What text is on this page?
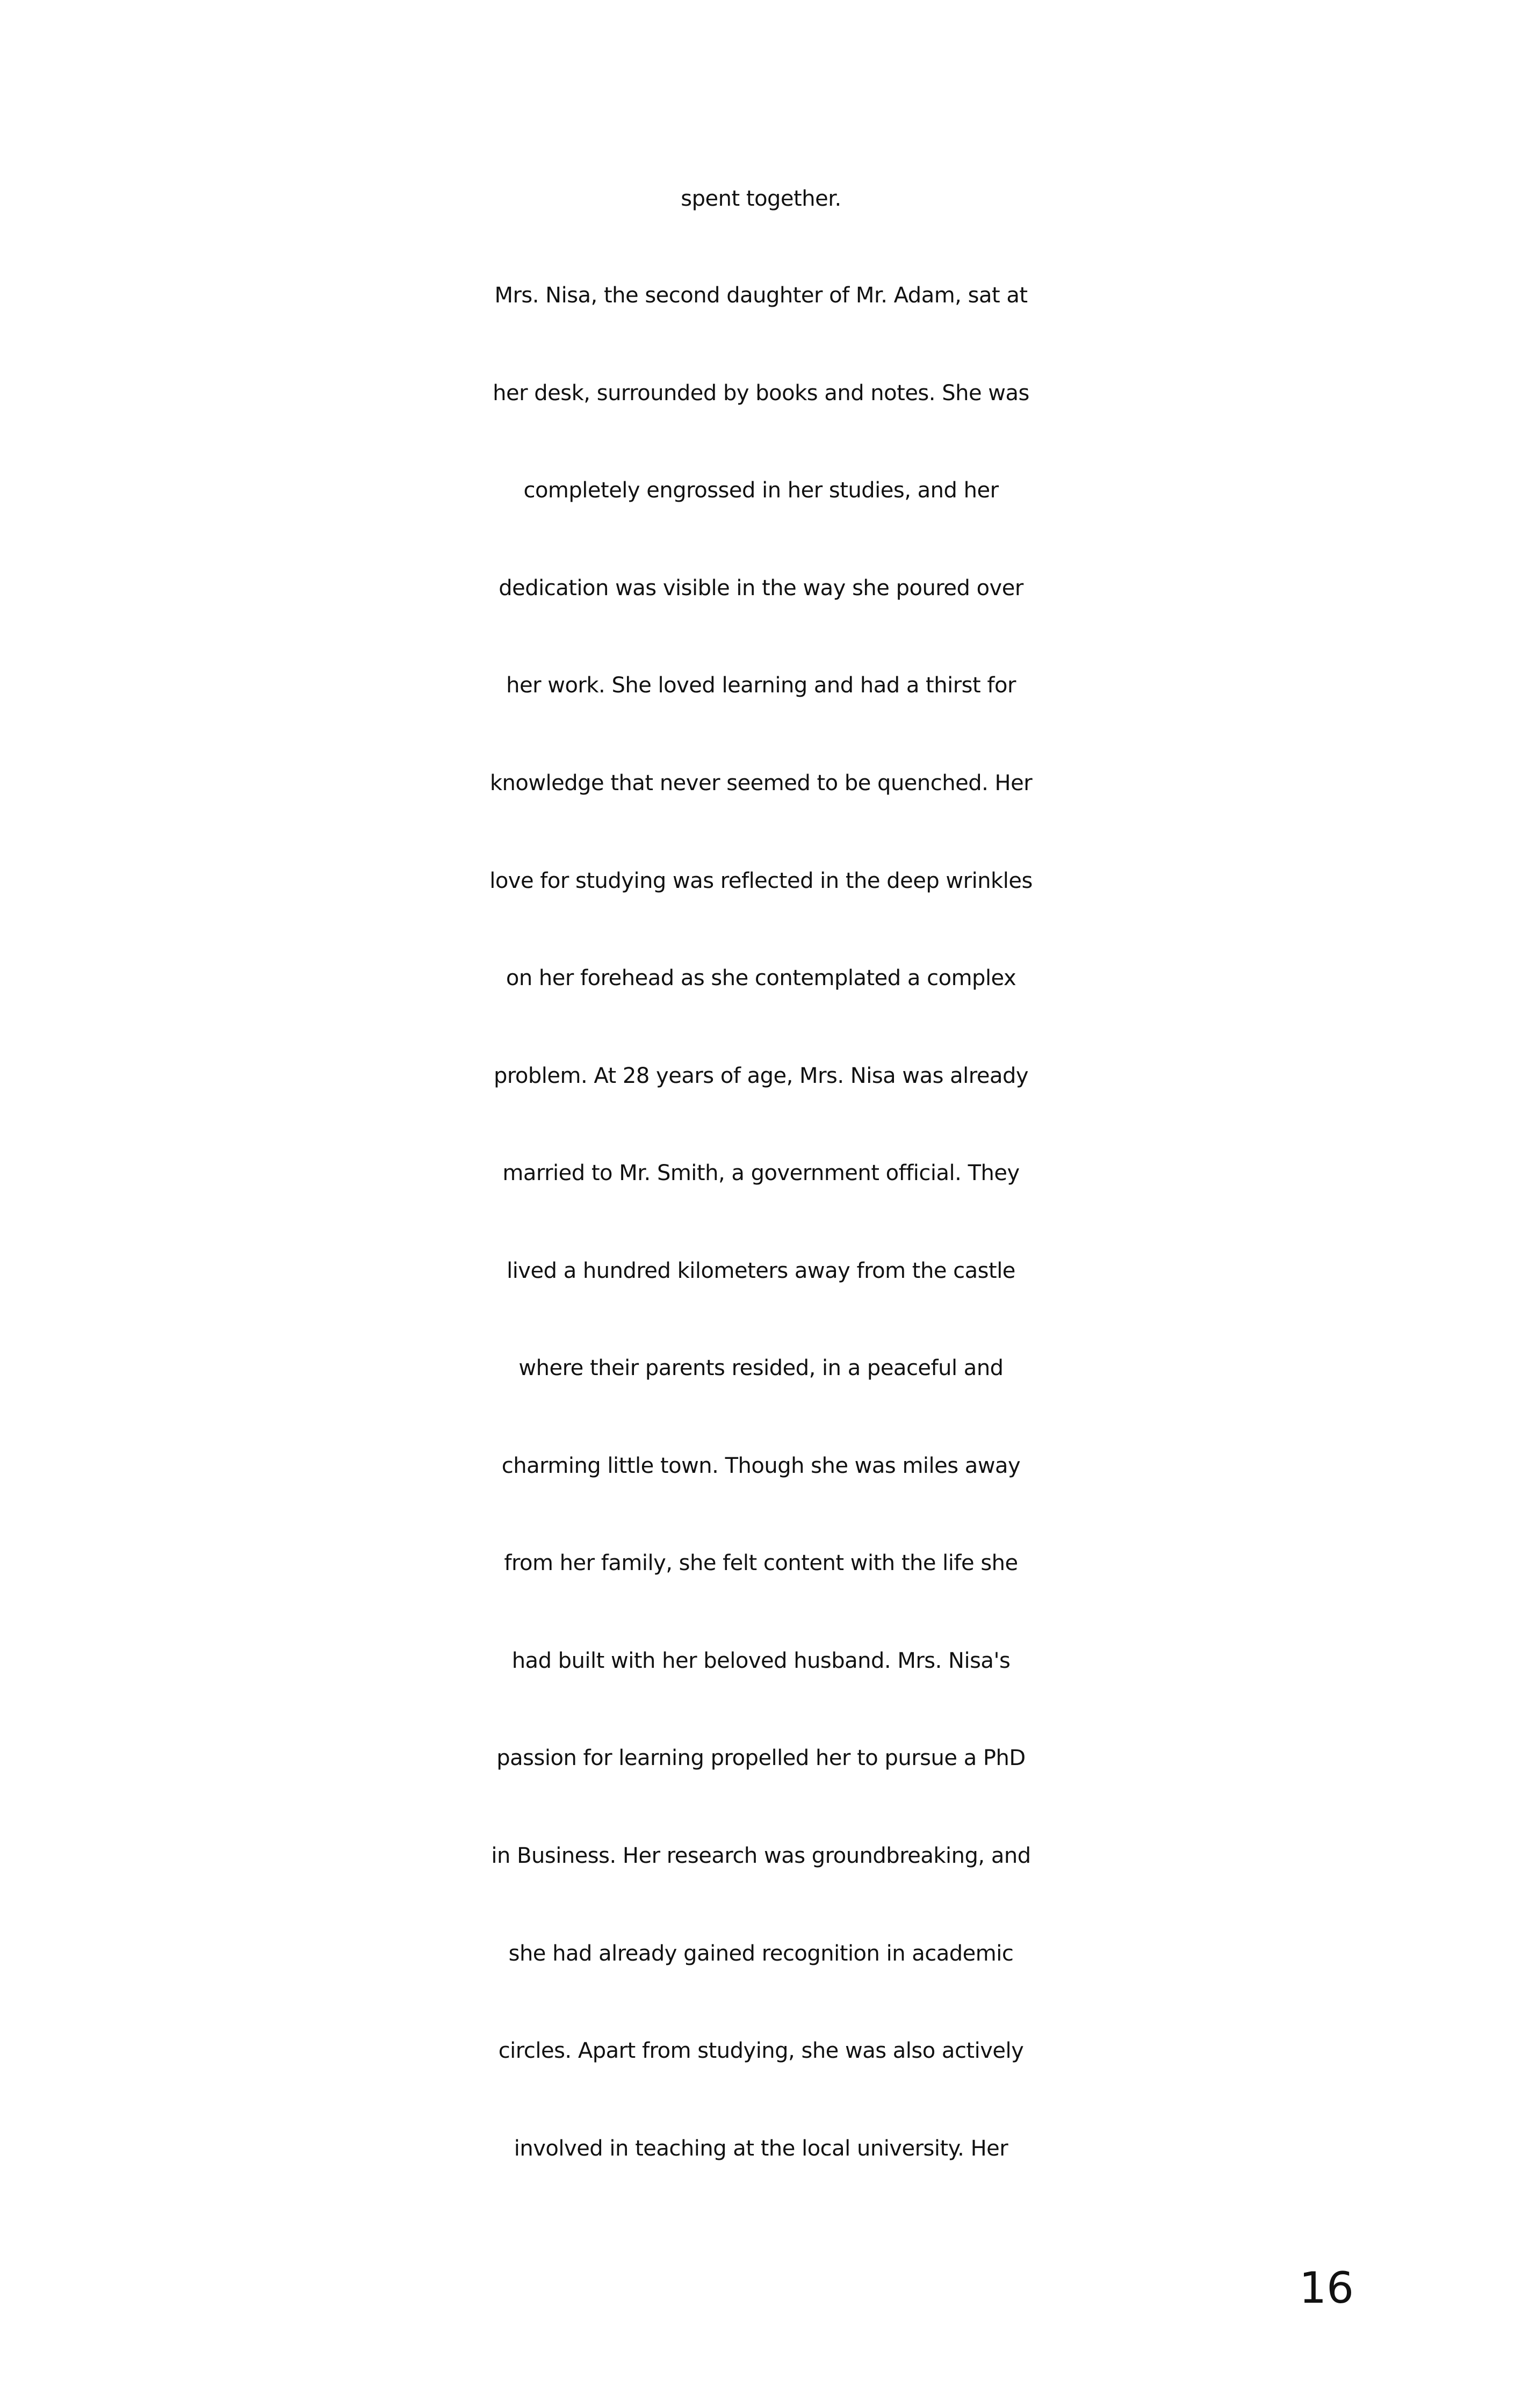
spent together.
Mrs. Nisa, the second daughter of Mr. Adam, sat at
her desk, surrounded by books and notes. She was
completely engrossed in her studies, and her
dedication was visible in the way she poured over
her work. She loved learning and had a thirst for
knowledge that never seemed to be quenched. Her
love for studying was reflected in the deep wrinkles
on her forehead as she contemplated a complex
problem. At 28 years of age, Mrs. Nisa was already
married to Mr. Smith, a government official. They
lived a hundred kilometers away from the castle
where their parents resided, in a peaceful and
charming little town. Though she was miles away
from her family, she felt content with the life she
had built with her beloved husband. Mrs. Nisa's
passion for learning propelled her to pursue a PhD
in Business. Her research was groundbreaking, and
she had already gained recognition in academic
circles. Apart from studying, she was also actively
involved in teaching at the local university. Her
16
